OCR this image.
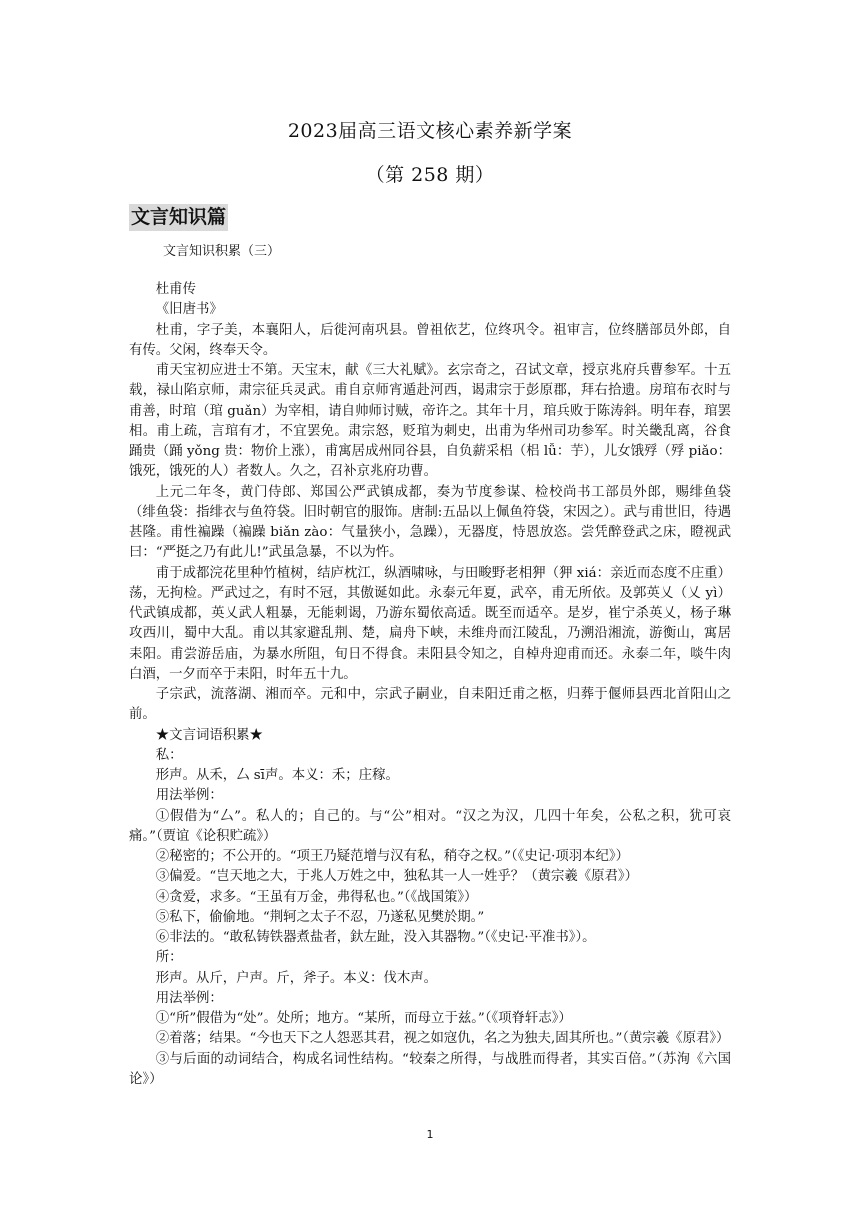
2023届高三语文核心素养新学案
（第 258 期）
文言知识篇
文言知识积累（三）

杜甫传

《旧唐书》

杜甫，字子美，本襄阳人，后徙河南巩县。曾祖依艺，位终巩令。祖审言，位终膳部员外郎，自有传。父闲，终奉天令。

甫天宝初应进士不第。天宝末，献《三大礼赋》。玄宗奇之，召试文章，授京兆府兵曹参军。十五载，禄山陷京师，肃宗征兵灵武。甫自京师宵遁赴河西，谒肃宗于彭原郡，拜右拾遗。房琯布衣时与甫善，时琯（琯 guǎn）为宰相，请自帅师讨贼，帝许之。其年十月，琯兵败于陈涛斜。明年春，琯罢相。甫上疏，言琯有才，不宜罢免。肃宗怒，贬琯为刺史，出甫为华州司功参军。时关畿乱离，谷食踊贵（踊 yǒng 贵：物价上涨），甫寓居成州同谷县，自负薪采梠（梠 lǚ：芋），儿女饿殍（殍 piǎo：饿死，饿死的人）者数人。久之，召补京兆府功曹。

上元二年冬，黄门侍郎、郑国公严武镇成都，奏为节度参谋、检校尚书工部员外郎，赐绯鱼袋（绯鱼袋：指绯衣与鱼符袋。旧时朝官的服饰。唐制:五品以上佩鱼符袋，宋因之）。武与甫世旧，待遇甚隆。甫性褊躁（褊躁 biǎn zào：气量狭小，急躁），无器度，恃恩放恣。尝凭醉登武之床，瞪视武曰：“严挺之乃有此儿!”武虽急暴，不以为忤。

甫于成都浣花里种竹植树，结庐枕江，纵酒啸咏，与田畯野老相狎（狎 xiá：亲近而态度不庄重）荡，无拘检。严武过之，有时不冠，其傲诞如此。永泰元年夏，武卒，甫无所依。及郭英乂（乂 yì）代武镇成都，英乂武人粗暴，无能刺谒，乃游东蜀依高适。既至而适卒。是岁，崔宁杀英乂，杨子琳攻西川，蜀中大乱。甫以其家避乱荆、楚，扁舟下峡，未维舟而江陵乱，乃溯沿湘流，游衡山，寓居耒阳。甫尝游岳庙，为暴水所阻，旬日不得食。耒阳县令知之，自棹舟迎甫而还。永泰二年，啖牛肉白酒，一夕而卒于耒阳，时年五十九。

子宗武，流落湖、湘而卒。元和中，宗武子嗣业，自耒阳迁甫之柩，归葬于偃师县西北首阳山之前。

★文言词语积累★

私：

形声。从禾，厶 sī声。本义：禾；庄稼。

用法举例：

①假借为“厶”。私人的；自己的。与“公”相对。“汉之为汉，几四十年矣，公私之积，犹可哀痛。”（贾谊《论积贮疏》）

②秘密的；不公开的。“项王乃疑范增与汉有私，稍夺之权。”（《史记·项羽本纪》）

③偏爱。“岂天地之大，于兆人万姓之中，独私其一人一姓乎？（黄宗羲《原君》）

④贪爱，求多。“王虽有万金，弗得私也。”（《战国策》）

⑤私下，偷偷地。“荆轲之太子不忍，乃遂私见樊於期。”

⑥非法的。“敢私铸铁器煮盐者，釱左趾，没入其器物。”（《史记·平准书》）。

所：

形声。从斤，户声。斤，斧子。本义：伐木声。

用法举例：

①“所”假借为“处”。处所；地方。“某所，而母立于兹。”（《项脊轩志》）

②着落；结果。“今也天下之人怨恶其君，视之如寇仇，名之为独夫,固其所也。”（黄宗羲《原君》）

③与后面的动词结合，构成名词性结构。“较秦之所得，与战胜而得者，其实百倍。”（苏洵《六国论》）

1
